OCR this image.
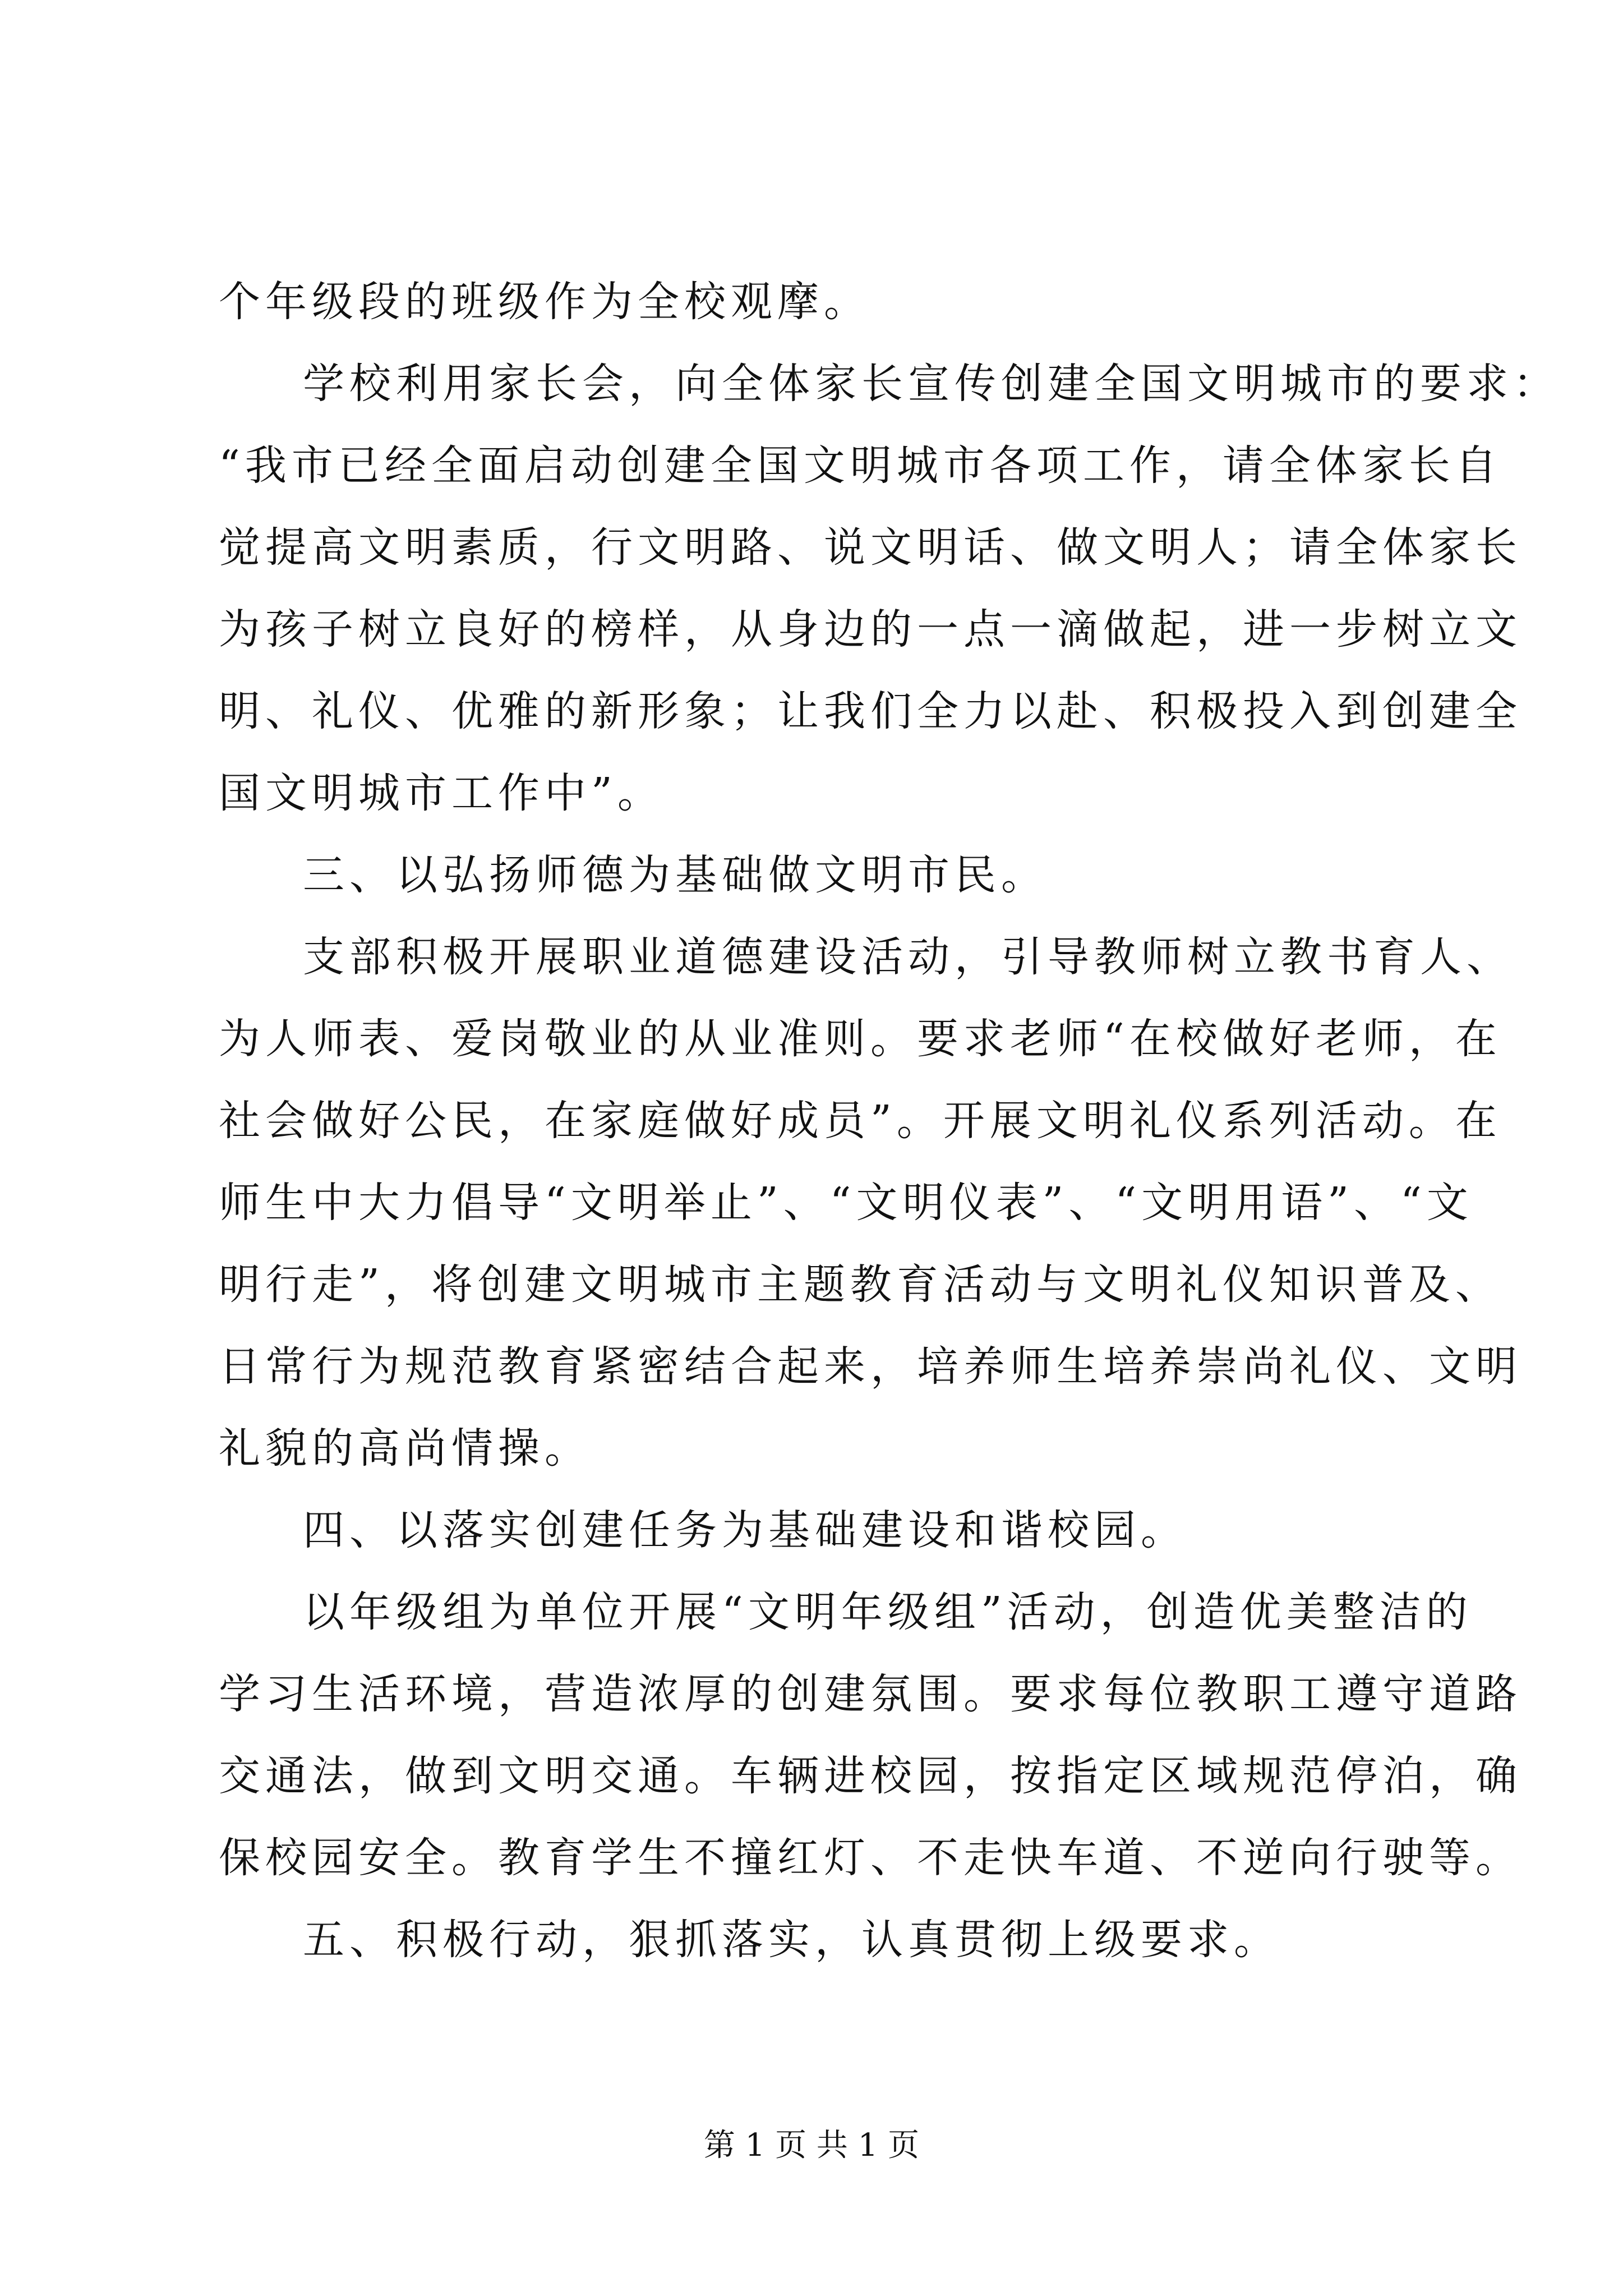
个年级段的班级作为全校观摩。
学校利用家长会，向全体家长宣传创建全国文明城市的要求：
“我市已经全面启动创建全国文明城市各项工作，请全体家长自
觉提高文明素质，行文明路、说文明话、做文明人；请全体家长
为孩子树立良好的榜样，从身边的一点一滴做起，进一步树立文
明、礼仪、优雅的新形象；让我们全力以赴、积极投入到创建全
国文明城市工作中”。
三、以弘扬师德为基础做文明市民。
支部积极开展职业道德建设活动，引导教师树立教书育人、
为人师表、爱岗敬业的从业准则。要求老师“在校做好老师，在
社会做好公民，在家庭做好成员”。开展文明礼仪系列活动。在
师生中大力倡导“文明举止”、“文明仪表”、“文明用语”、“文
明行走”，将创建文明城市主题教育活动与文明礼仪知识普及、
日常行为规范教育紧密结合起来，培养师生培养崇尚礼仪、文明
礼貌的高尚情操。
四、以落实创建任务为基础建设和谐校园。
以年级组为单位开展“文明年级组”活动，创造优美整洁的
学习生活环境，营造浓厚的创建氛围。要求每位教职工遵守道路
交通法，做到文明交通。车辆进校园，按指定区域规范停泊，确
保校园安全。教育学生不撞红灯、不走快车道、不逆向行驶等。
五、积极行动，狠抓落实，认真贯彻上级要求。
第 1 页 共 1 页
